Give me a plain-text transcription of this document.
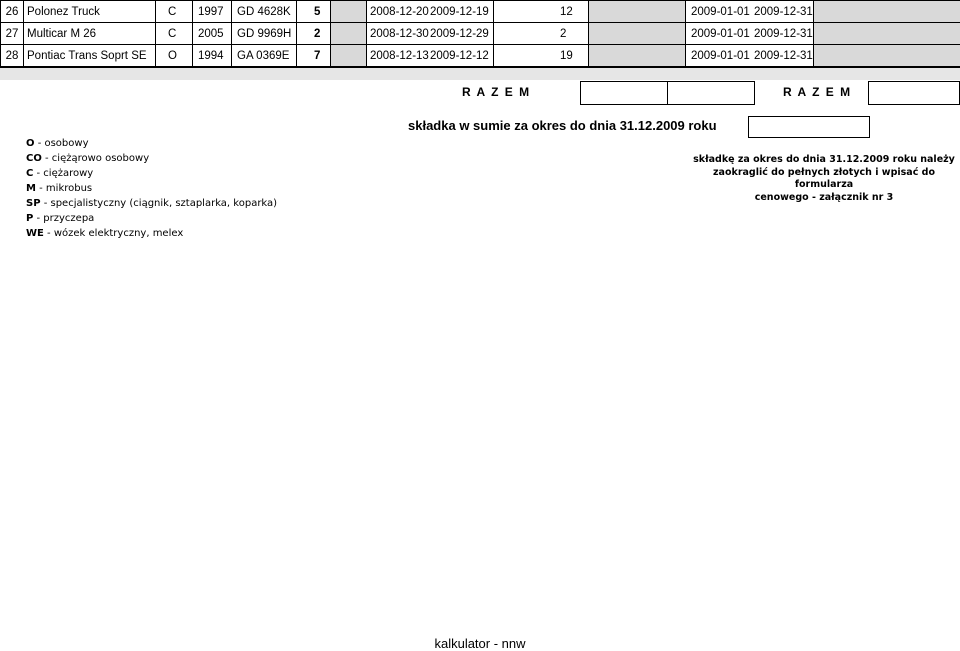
26 Polonez Truck	C	1997	GD 4628K	5	2008-12-20 2009-12-19	12	2009-01-01 2009-12-31
27 Multicar M 26	C	2005	GD 9969H	2	2008-12-30 2009-12-29	2	2009-01-01 2009-12-31
28 Pontiac Trans Soprt SE	O	1994	GA 0369E	7	2008-12-13 2009-12-12	19	2009-01-01 2009-12-31
R A Z E M	R A Z E M
składka w sumie za okres do dnia 31.12.2009 roku
O - osobowy
CO - ciężąrowo osobowy
C - ciężarowy
M - mikrobus
SP - specjalistyczny (ciągnik, sztaplarka, koparka)
P - przyczepa
WE - wózek elektryczny, melex
składkę za okres do dnia 31.12.2009 roku należy
zaokraglić do pełnych złotych i wpisać do formularza
cenowego - załącznik nr 3
kalkulator - nnw
